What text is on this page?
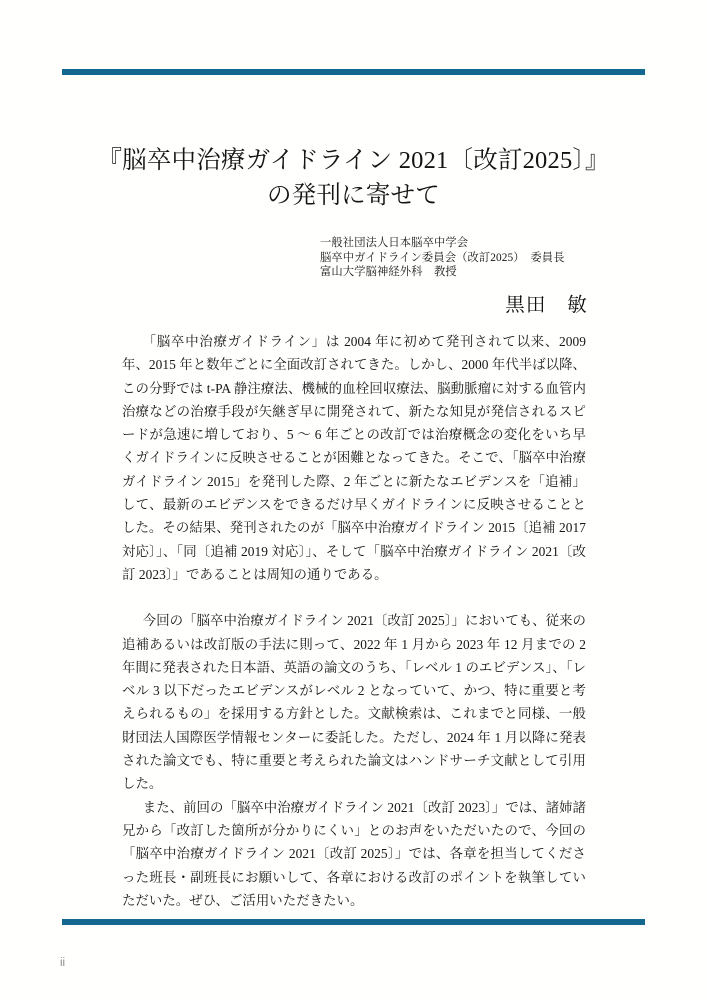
『脳卒中治療ガイドライン 2021〔改訂2025〕』
の発刊に寄せて
一般社団法人日本脳卒中学会
脳卒中ガイドライン委員会（改訂2025）　委員長
富山大学脳神経外科　教授
黒田　敏

「脳卒中治療ガイドライン」は 2004 年に初めて発刊されて以来、2009 年、2015 年と数年ごとに全面改訂されてきた。しかし、2000 年代半ば以降、この分野では t-PA 静注療法、機械的血栓回収療法、脳動脈瘤に対する血管内治療などの治療手段が矢継ぎ早に開発されて、新たな知見が発信されるスピードが急速に増しており、5 〜 6 年ごとの改訂では治療概念の変化をいち早くガイドラインに反映させることが困難となってきた。そこで、「脳卒中治療ガイドライン 2015」を発刊した際、2 年ごとに新たなエビデンスを「追補」して、最新のエビデンスをできるだけ早くガイドラインに反映させることとした。その結果、発刊されたのが「脳卒中治療ガイドライン 2015〔追補 2017 対応〕」、「同〔追補 2019 対応〕」、そして「脳卒中治療ガイドライン 2021〔改訂 2023〕」であることは周知の通りである。

今回の「脳卒中治療ガイドライン 2021〔改訂 2025〕」においても、従来の追補あるいは改訂版の手法に則って、2022 年 1 月から 2023 年 12 月までの 2 年間に発表された日本語、英語の論文のうち、「レベル 1 のエビデンス」、「レベル 3 以下だったエビデンスがレベル 2 となっていて、かつ、特に重要と考えられるもの」を採用する方針とした。文献検索は、これまでと同様、一般財団法人国際医学情報センターに委託した。ただし、2024 年 1 月以降に発表された論文でも、特に重要と考えられた論文はハンドサーチ文献として引用した。

また、前回の「脳卒中治療ガイドライン 2021〔改訂 2023〕」では、諸姉諸兄から「改訂した箇所が分かりにくい」とのお声をいただいたので、今回の「脳卒中治療ガイドライン 2021〔改訂 2025〕」では、各章を担当してくださった班長・副班長にお願いして、各章における改訂のポイントを執筆していただいた。ぜひ、ご活用いただきたい。

ii
